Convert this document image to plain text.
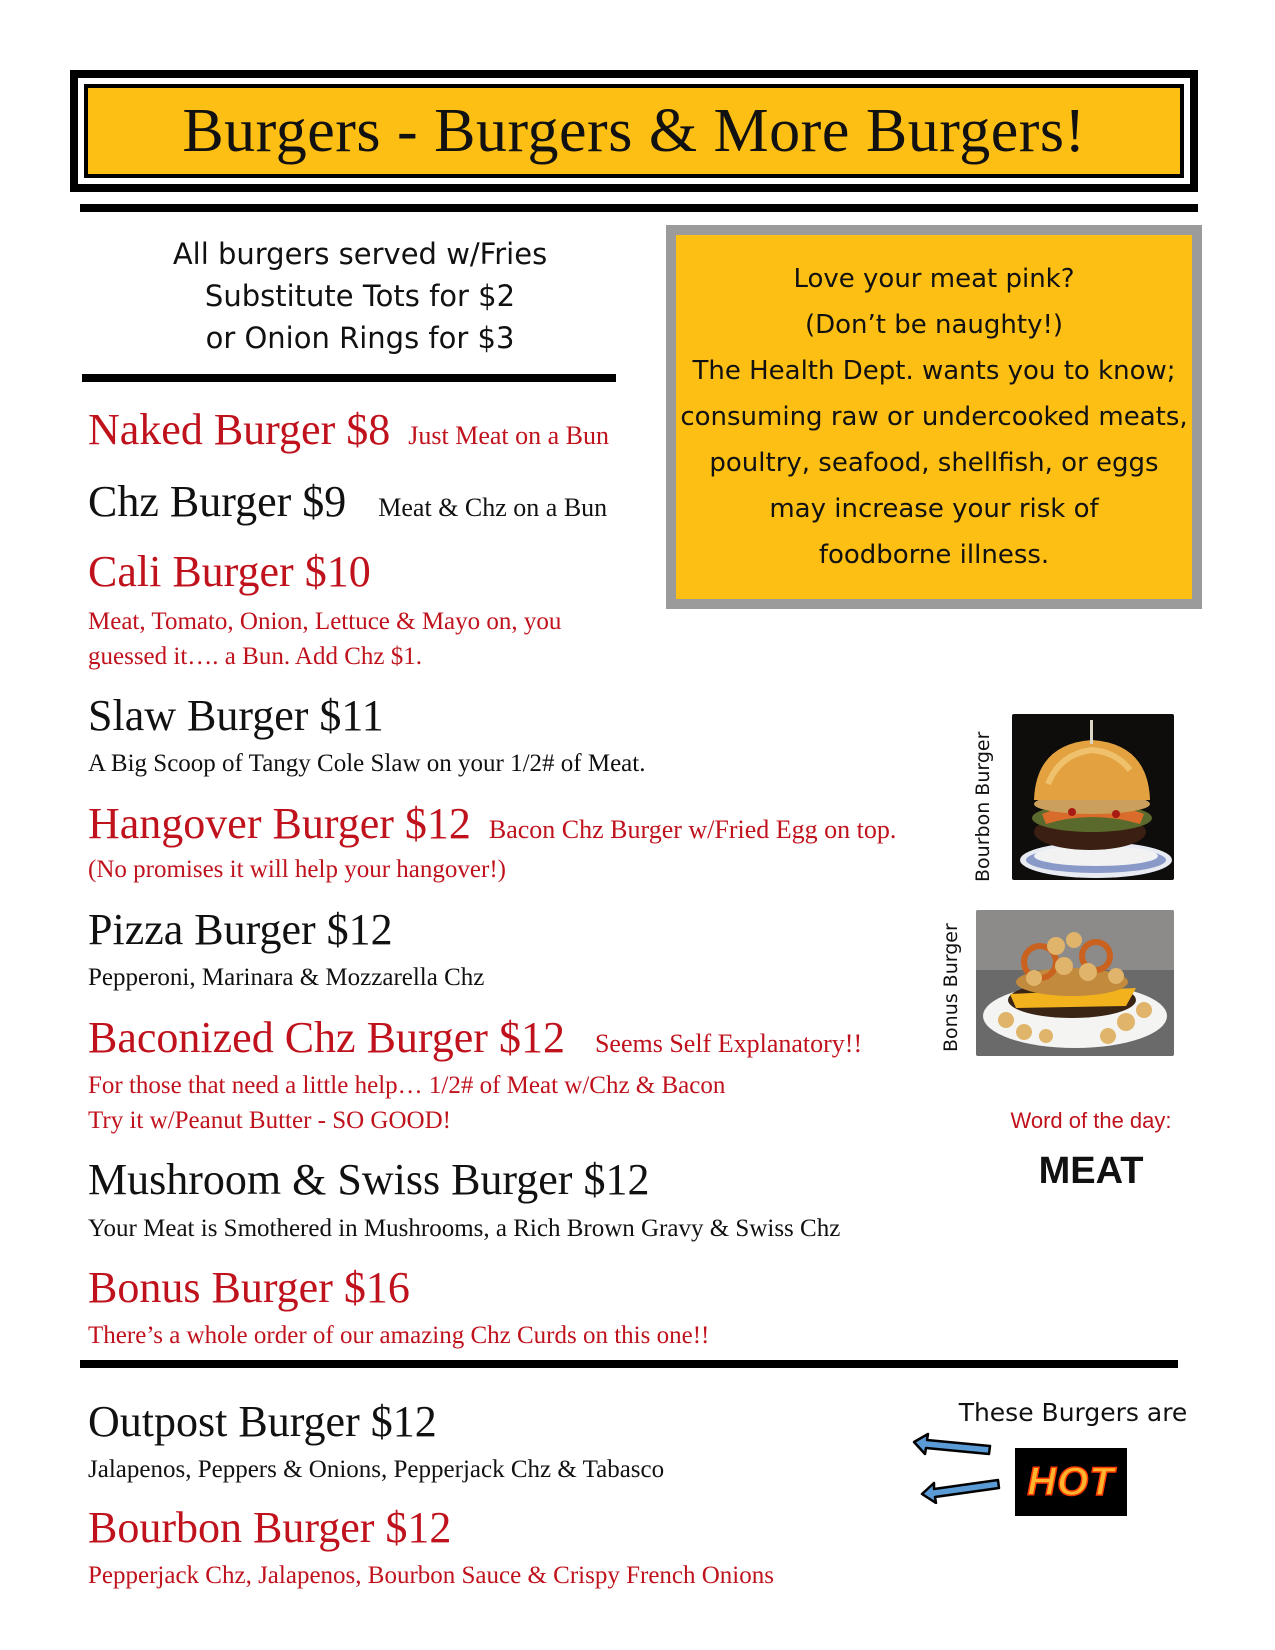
Burgers - Burgers & More Burgers!
All burgers served w/Fries
Substitute Tots for $2
or Onion Rings for $3
Love your meat pink?
(Don’t be naughty!)
The Health Dept. wants you to know;
consuming raw or undercooked meats,
poultry, seafood, shellfish, or eggs
may increase your risk of
foodborne illness.
Naked Burger $8 Just Meat on a Bun
Chz Burger $9 Meat & Chz on a Bun
Cali Burger $10
Meat, Tomato, Onion, Lettuce & Mayo on, you
guessed it…. a Bun. Add Chz $1.
Slaw Burger $11
A Big Scoop of Tangy Cole Slaw on your 1/2# of Meat.
Hangover Burger $12 Bacon Chz Burger w/Fried Egg on top.
(No promises it will help your hangover!)
Pizza Burger $12
Pepperoni, Marinara & Mozzarella Chz
Baconized Chz Burger $12 Seems Self Explanatory!!
For those that need a little help… 1/2# of Meat w/Chz & Bacon
Try it w/Peanut Butter - SO GOOD!
Mushroom & Swiss Burger $12
Your Meat is Smothered in Mushrooms, a Rich Brown Gravy & Swiss Chz
Bonus Burger $16
There’s a whole order of our amazing Chz Curds on this one!!
Outpost Burger $12
Jalapenos, Peppers & Onions, Pepperjack Chz & Tabasco
Bourbon Burger $12
Pepperjack Chz, Jalapenos, Bourbon Sauce & Crispy French Onions
Bourbon Burger
Bonus Burger
Word of the day:
MEAT
These Burgers are
HOT
